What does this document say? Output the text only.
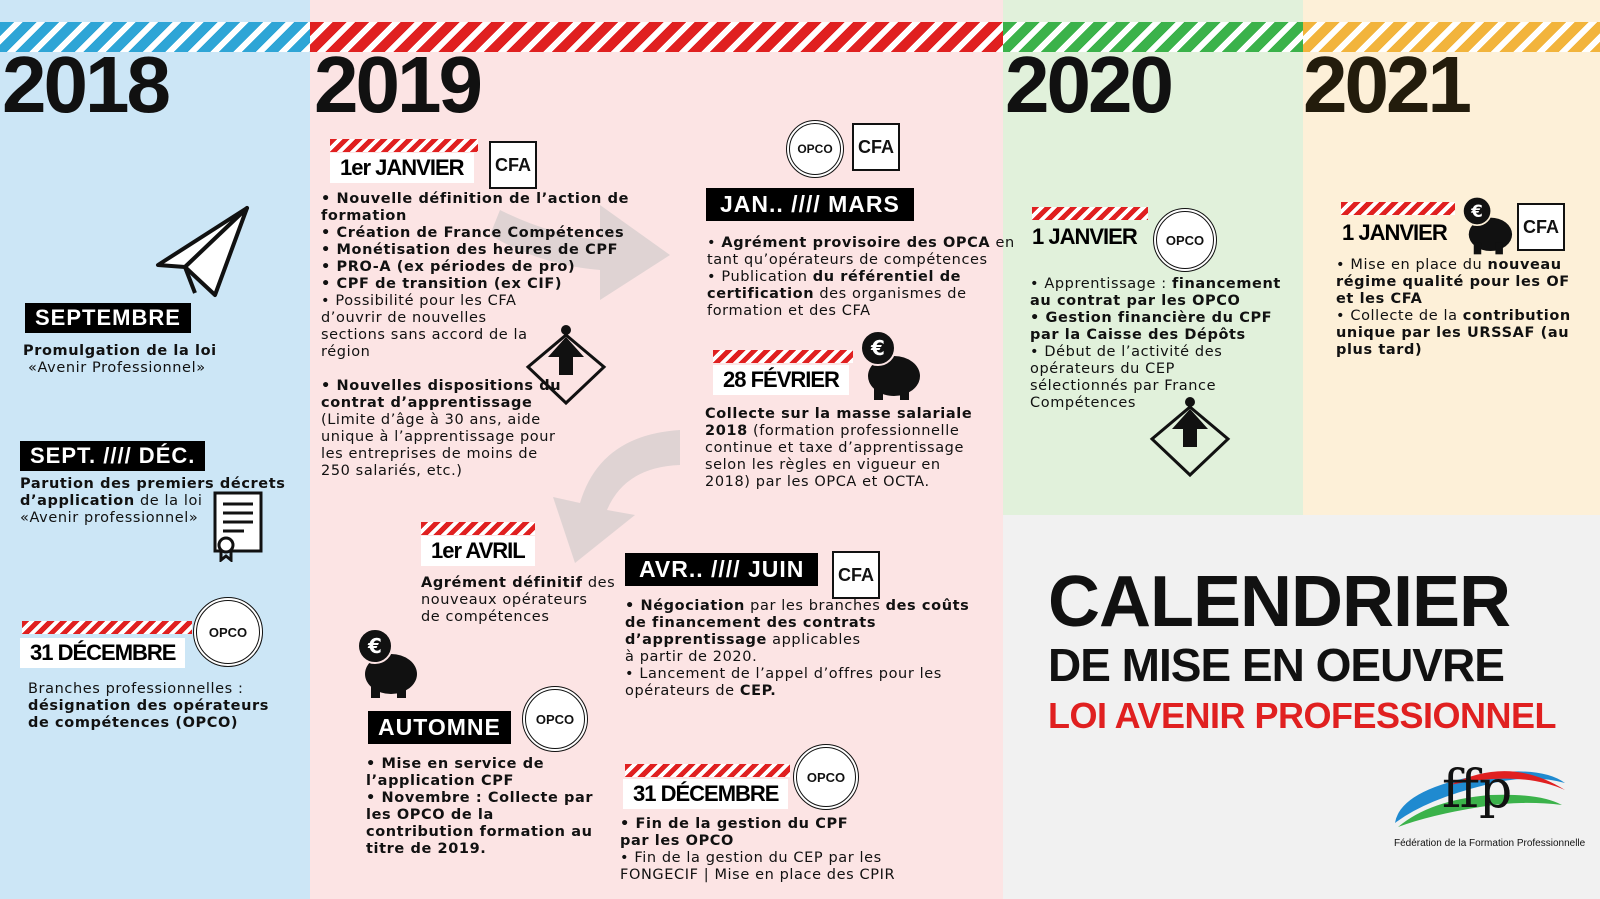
2018 2019	2020 2021
SEPTEMBRE
Promulgation de la loi
«Avenir Professionnel»
SEPT. //// DÉC.

Parution des premiers décrets

d’application de la loi

«Avenir professionnel»

31 DÉCEMBRE
OPCO

Branches professionnelles :

désignation des opérateurs

de compétences (OPCO)

1er JANVIER	CFA

• Nouvelle définition de l’action de

formation

• Création de France Compétences

• Monétisation des heures de CPF

• PRO-A (ex périodes de pro)

• CPF de transition (ex CIF)

• Possibilité pour les CFA

d’ouvrir de nouvelles

sections sans accord de la

région

• Nouvelles dispositions du

contrat d’apprentissage

(Limite d’âge à 30 ans, aide

unique à l’apprentissage pour

les entreprises de moins de

250 salariés, etc.)

OPCO	CFA
JAN.. //// MARS

• Agrément provisoire des OPCA en

tant qu’opérateurs de compétences

• Publication du référentiel de

certification des organismes de

formation et des CFA

28 FÉVRIER
€

Collecte sur la masse salariale

2018 (formation professionnelle

continue et taxe d’apprentissage

selon les règles en vigueur en

2018) par les OPCA et OCTA.

1er AVRIL

Agrément définitif des

nouveaux opérateurs

de compétences

AVR.. //// JUIN	CFA

• Négociation par les branches des coûts

de financement des contrats

d’apprentissage applicables

à partir de 2020.

• Lancement de l’appel d’offres pour les

opérateurs de CEP.

€
AUTOMNE	OPCO

• Mise en service de

l’application CPF

• Novembre : Collecte par

les OPCO de la

contribution formation au

titre de 2019.

31 DÉCEMBRE
OPCO

• Fin de la gestion du CPF

par les OPCO

• Fin de la gestion du CEP par les

FONGECIF | Mise en place des CPIR

1 JANVIER	OPCO

• Apprentissage : financement

au contrat par les OPCO

• Gestion financière du CPF

par la Caisse des Dépôts

• Début de l’activité des

opérateurs du CEP

sélectionnés par France

Compétences

1 JANVIER
€
CFA

• Mise en place du nouveau

régime qualité pour les OF

et les CFA

• Collecte de la contribution

unique par les URSSAF (au

plus tard)

CALENDRIER
DE MISE EN OEUVRE
LOI AVENIR PROFESSIONNEL
ffp
Fédération de la Formation Professionnelle
